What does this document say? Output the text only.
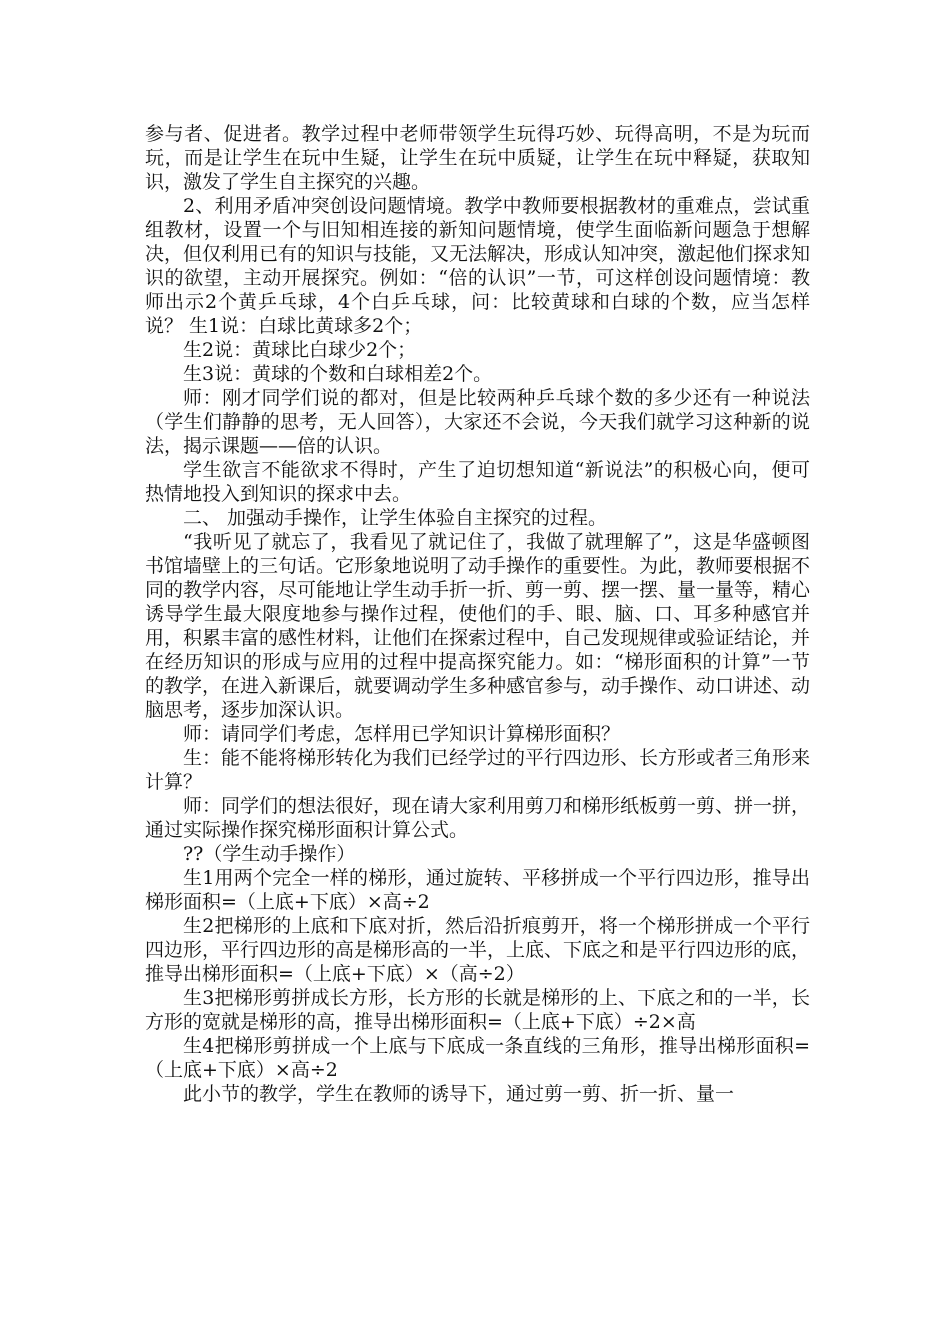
参与者、促进者。教学过程中老师带领学生玩得巧妙、玩得高明，不是为玩而玩，而是让学生在玩中生疑，让学生在玩中质疑，让学生在玩中释疑，获取知识，激发了学生自主探究的兴趣。

2、利用矛盾冲突创设问题情境。教学中教师要根据教材的重难点，尝试重组教材，设置一个与旧知相连接的新知问题情境，使学生面临新问题急于想解决，但仅利用已有的知识与技能，又无法解决，形成认知冲突，激起他们探求知识的欲望，主动开展探究。例如：“倍的认识”一节，可这样创设问题情境：教师出示2个黄乒乓球，4个白乒乓球，问：比较黄球和白球的个数，应当怎样说？ 生1说：白球比黄球多2个；

生2说：黄球比白球少2个；

生3说：黄球的个数和白球相差2个。

师：刚才同学们说的都对，但是比较两种乒乓球个数的多少还有一种说法（学生们静静的思考，无人回答），大家还不会说，今天我们就学习这种新的说法，揭示课题——倍的认识。

学生欲言不能欲求不得时，产生了迫切想知道“新说法”的积极心向，便可热情地投入到知识的探求中去。

二、 加强动手操作，让学生体验自主探究的过程。

“我听见了就忘了，我看见了就记住了，我做了就理解了”，这是华盛顿图书馆墙壁上的三句话。它形象地说明了动手操作的重要性。为此，教师要根据不同的教学内容，尽可能地让学生动手折一折、剪一剪、摆一摆、量一量等，精心诱导学生最大限度地参与操作过程，使他们的手、眼、脑、口、耳多种感官并用，积累丰富的感性材料，让他们在探索过程中，自己发现规律或验证结论，并在经历知识的形成与应用的过程中提高探究能力。如：“梯形面积的计算”一节的教学，在进入新课后，就要调动学生多种感官参与，动手操作、动口讲述、动脑思考，逐步加深认识。

师：请同学们考虑，怎样用已学知识计算梯形面积？

生：能不能将梯形转化为我们已经学过的平行四边形、长方形或者三角形来计算？

师：同学们的想法很好，现在请大家利用剪刀和梯形纸板剪一剪、拼一拼，通过实际操作探究梯形面积计算公式。

??（学生动手操作）

生1用两个完全一样的梯形，通过旋转、平移拼成一个平行四边形，推导出梯形面积=（上底+下底）×高÷2

生2把梯形的上底和下底对折，然后沿折痕剪开，将一个梯形拼成一个平行四边形，平行四边形的高是梯形高的一半，上底、下底之和是平行四边形的底，推导出梯形面积=（上底+下底）×（高÷2）

生3把梯形剪拼成长方形，长方形的长就是梯形的上、下底之和的一半，长方形的宽就是梯形的高，推导出梯形面积=（上底+下底）÷2×高

生4把梯形剪拼成一个上底与下底成一条直线的三角形，推导出梯形面积=（上底+下底）×高÷2

此小节的教学，学生在教师的诱导下，通过剪一剪、折一折、量一
